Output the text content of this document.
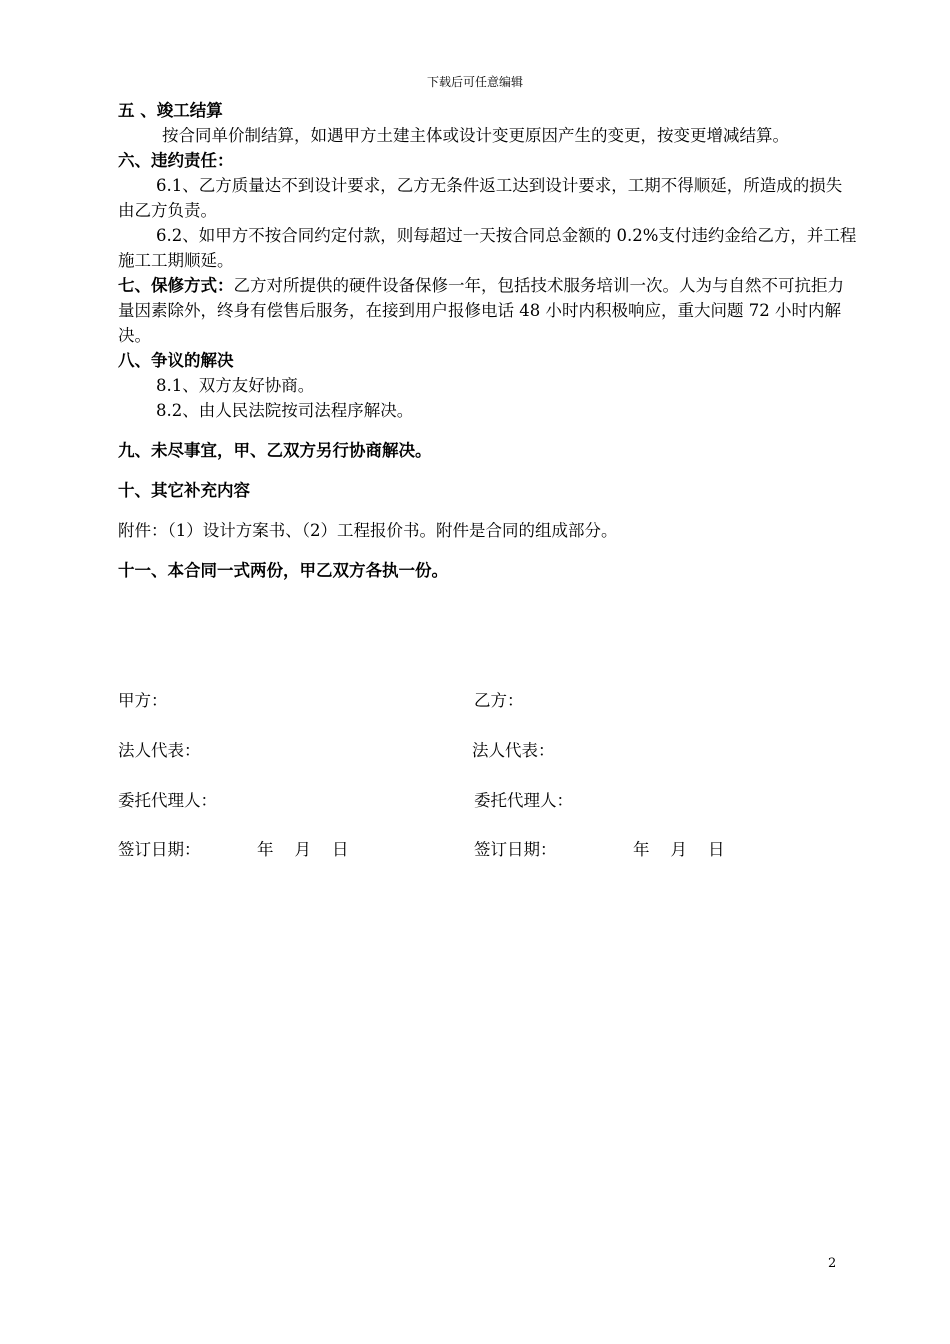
下载后可任意编辑

五 、竣工结算

按合同单价制结算，如遇甲方土建主体或设计变更原因产生的变更，按变更增减结算。

六、违约责任：

6.1、乙方质量达不到设计要求，乙方无条件返工达到设计要求，工期不得顺延，所造成的损失由乙方负责。

6.2、如甲方不按合同约定付款，则每超过一天按合同总金额的 0.2%支付违约金给乙方，并工程施工工期顺延。

七、保修方式：乙方对所提供的硬件设备保修一年，包括技术服务培训一次。人为与自然不可抗拒力量因素除外，终身有偿售后服务，在接到用户报修电话 48 小时内积极响应，重大问题 72 小时内解决。

八、争议的解决

8.1、双方友好协商。

8.2、由人民法院按司法程序解决。

九、未尽事宜，甲、乙双方另行协商解决。

十、其它补充内容

附件：（1）设计方案书、（2）工程报价书。附件是合同的组成部分。

十一、本合同一式两份，甲乙双方各执一份。

甲方：	乙方：
法人代表：	法人代表：
委托代理人：	委托代理人：
签订日期：	年    月    日	签订日期：	年    月    日
2
